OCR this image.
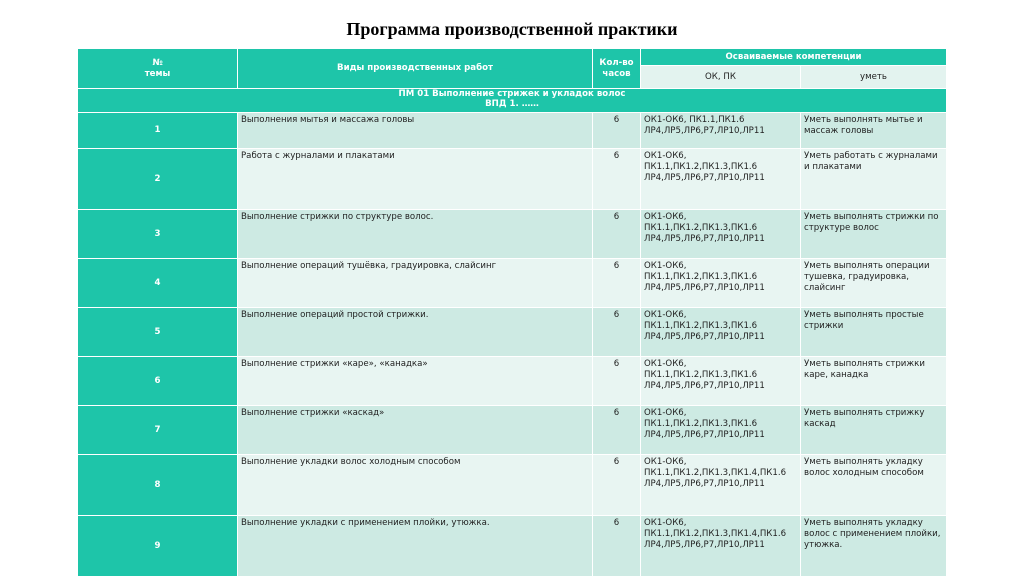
Программа производственной практики
№
темы	Виды производственных работ	Кол-во часов	Осваиваемые компетенции	
			ОК, ПК	уметь

ПМ 01 Выполнение стрижек и укладок волос
ВПД 1. ……				

1	Выполнения мытья и массажа головы	6	ОК1-ОК6, ПК1.1,ПК1.6 ЛР4,ЛР5,ЛР6,Р7,ЛР10,ЛР11	Уметь выполнять мытье и массаж головы
2	Работа с журналами и плакатами	6	ОК1-ОК6, ПК1.1,ПК1.2,ПК1.3,ПК1.6 ЛР4,ЛР5,ЛР6,Р7,ЛР10,ЛР11	Уметь работать с журналами и плакатами
3	Выполнение стрижки по структуре волос.	6	ОК1-ОК6, ПК1.1,ПК1.2,ПК1.3,ПК1.6 ЛР4,ЛР5,ЛР6,Р7,ЛР10,ЛР11	Уметь выполнять стрижки по структуре волос
4	Выполнение операций тушёвка, градуировка, слайсинг	6	ОК1-ОК6, ПК1.1,ПК1.2,ПК1.3,ПК1.6 ЛР4,ЛР5,ЛР6,Р7,ЛР10,ЛР11	Уметь выполнять операции тушевка, градуировка, слайсинг
5	Выполнение операций простой стрижки.	6	ОК1-ОК6, ПК1.1,ПК1.2,ПК1.3,ПК1.6 ЛР4,ЛР5,ЛР6,Р7,ЛР10,ЛР11	Уметь выполнять простые стрижки
6	Выполнение стрижки «каре», «канадка»	6	ОК1-ОК6, ПК1.1,ПК1.2,ПК1.3,ПК1.6 ЛР4,ЛР5,ЛР6,Р7,ЛР10,ЛР11	Уметь выполнять стрижки каре, канадка
7	Выполнение стрижки «каскад»	6	ОК1-ОК6, ПК1.1,ПК1.2,ПК1.3,ПК1.6 ЛР4,ЛР5,ЛР6,Р7,ЛР10,ЛР11	Уметь выполнять стрижку каскад
8	Выполнение укладки волос холодным способом	6	ОК1-ОК6, ПК1.1,ПК1.2,ПК1.3,ПК1.4,ПК1.6 ЛР4,ЛР5,ЛР6,Р7,ЛР10,ЛР11	Уметь выполнять укладку волос холодным способом
9	Выполнение укладки с применением плойки, утюжка.	6	ОК1-ОК6, ПК1.1,ПК1.2,ПК1.3,ПК1.4,ПК1.6 ЛР4,ЛР5,ЛР6,Р7,ЛР10,ЛР11	Уметь выполнять укладку волос с применением плойки, утюжка.
